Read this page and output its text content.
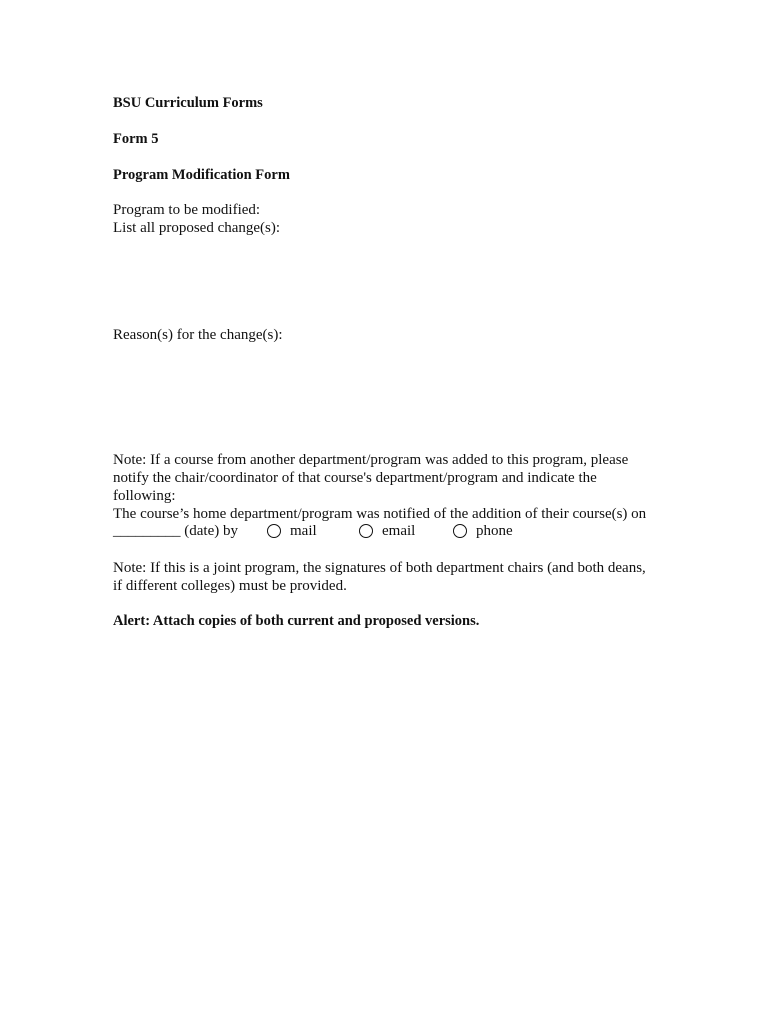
BSU Curriculum Forms
Form 5
Program Modification Form
Program to be modified:
List all proposed change(s):
Reason(s) for the change(s):
Note: If a course from another department/program was added to this program, please
notify the chair/coordinator of that course's department/program and indicate the
following:
The course’s home department/program was notified of the addition of their course(s) on
_________ (date) by	mail	email	phone
Note: If this is a joint program, the signatures of both department chairs (and both deans,
if different colleges) must be provided.
Alert: Attach copies of both current and proposed versions.
